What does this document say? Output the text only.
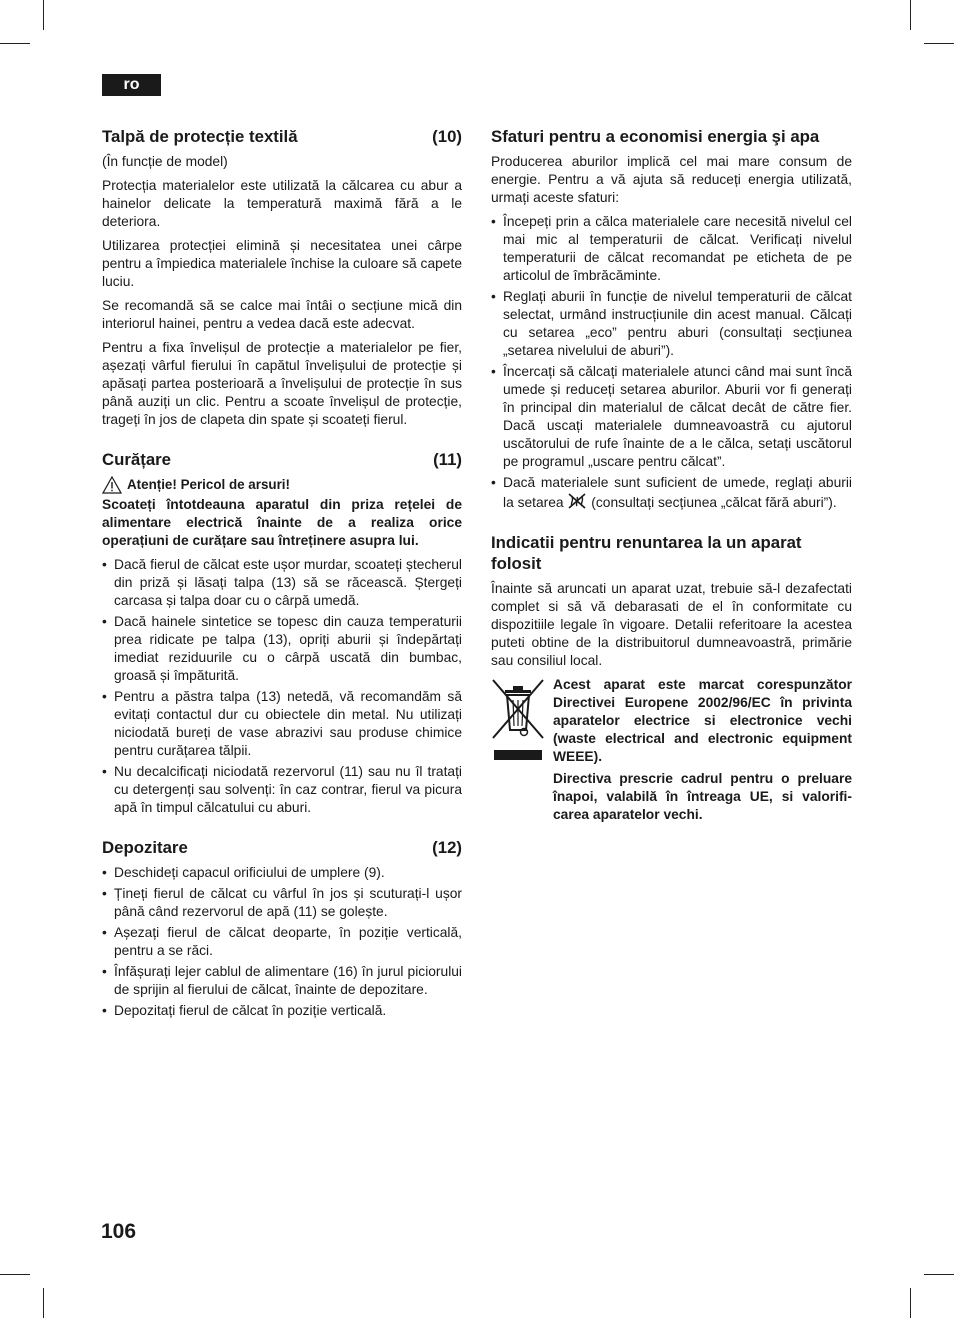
ro
Talpă de protecție textilă	(10)

(În funcție de model)

Protecția materialelor este utilizată la călcarea cu abur a hainelor delicate la temperatură maximă fără a le deteriora.

Utilizarea protecției elimină și necesitatea unei cârpe pentru a împiedica materialele închise la culoare să capete luciu.

Se recomandă să se calce mai întâi o secțiune mică din interiorul hainei, pentru a vedea dacă este adecvat.

Pentru a fixa învelișul de protecție a materialelor pe fier, așezați vârful fierului în capătul învelișului de protecție și apăsați partea posterioară a învelișului de protecție în sus până auziți un clic. Pentru a scoate învelișul de protecție, trageți în jos de clapeta din spate și scoateți fierul.

Curățare	(11)
Atenție! Pericol de arsuri!

Scoateți întotdeauna aparatul din priza rețelei de alimentare electrică înainte de a realiza orice operațiuni de curățare sau întreținere asupra lui.

• Dacă fierul de călcat este ușor murdar, scoateți ștecherul din priză și lăsați talpa (13) să se răcească. Ștergeți carcasa și talpa doar cu o cârpă umedă.
• Dacă hainele sintetice se topesc din cauza temperaturii prea ridicate pe talpa (13), opriți aburii și îndepărtați imediat reziduurile cu o cârpă uscată din bumbac, groasă și împăturită.
• Pentru a păstra talpa (13) netedă, vă recomandăm să evitați contactul dur cu obiectele din metal. Nu utilizați niciodată bureți de vase abrazivi sau produse chimice pentru curățarea tălpii.
• Nu decalcificați niciodată rezervorul (11) sau nu îl tratați cu detergenți sau solvenți: în caz contrar, fierul va picura apă în timpul călcatului cu aburi.
Depozitare	(12)
• Deschideți capacul orificiului de umplere (9).
• Țineți fierul de călcat cu vârful în jos și scuturați-l ușor până când rezervorul de apă (11) se golește.
• Așezați fierul de călcat deoparte, în poziție verticală, pentru a se răci.
• Înfășurați lejer cablul de alimentare (16) în jurul piciorului de sprijin al fierului de călcat, înainte de depozitare.
• Depozitați fierul de călcat în poziție verticală.
Sfaturi pentru a economisi energia şi apa

Producerea aburilor implică cel mai mare consum de energie. Pentru a vă ajuta să reduceți energia utilizată, urmați aceste sfaturi:

• Începeți prin a călca materialele care necesită nivelul cel mai mic al temperaturii de călcat. Verificați nivelul temperaturii de călcat recomandat pe eticheta de pe articolul de îmbrăcăminte.
• Reglați aburii în funcție de nivelul temperaturii de călcat selectat, urmând instrucțiunile din acest manual. Călcați cu setarea „eco” pentru aburi (consultați secțiunea „setarea nivelului de aburi”).
• Încercați să călcați materialele atunci când mai sunt încă umede și reduceți setarea aburilor. Aburii vor fi generați în principal din materialul de călcat decât de către fier. Dacă uscați materialele dumneavoastră cu ajutorul uscătorului de rufe înainte de a le călca, setați uscătorul pe programul „uscare pentru călcat”.
• Dacă materialele sunt suficient de umede, reglați aburii la setarea (consultați secțiunea „călcat fără aburi”).
Indicatii pentru renuntarea la un aparat folosit

Înainte să aruncati un aparat uzat, trebuie să-l dezafectati complet si să vă debarasati de el în conformitate cu dispozitiile legale în vigoare. Detalii referitoare la acestea puteti obtine de la distribuitorul dumneavoastră, primărie sau consiliul local.

Acest aparat este marcat corespunzător Directivei Europene 2002/96/EC în privinta aparatelor electrice si electronice vechi (waste electrical and electronic equipment WEEE).

Directiva prescrie cadrul pentru o preluare înapoi, valabilă în întreaga UE, si valorifi-carea aparatelor vechi.

106
